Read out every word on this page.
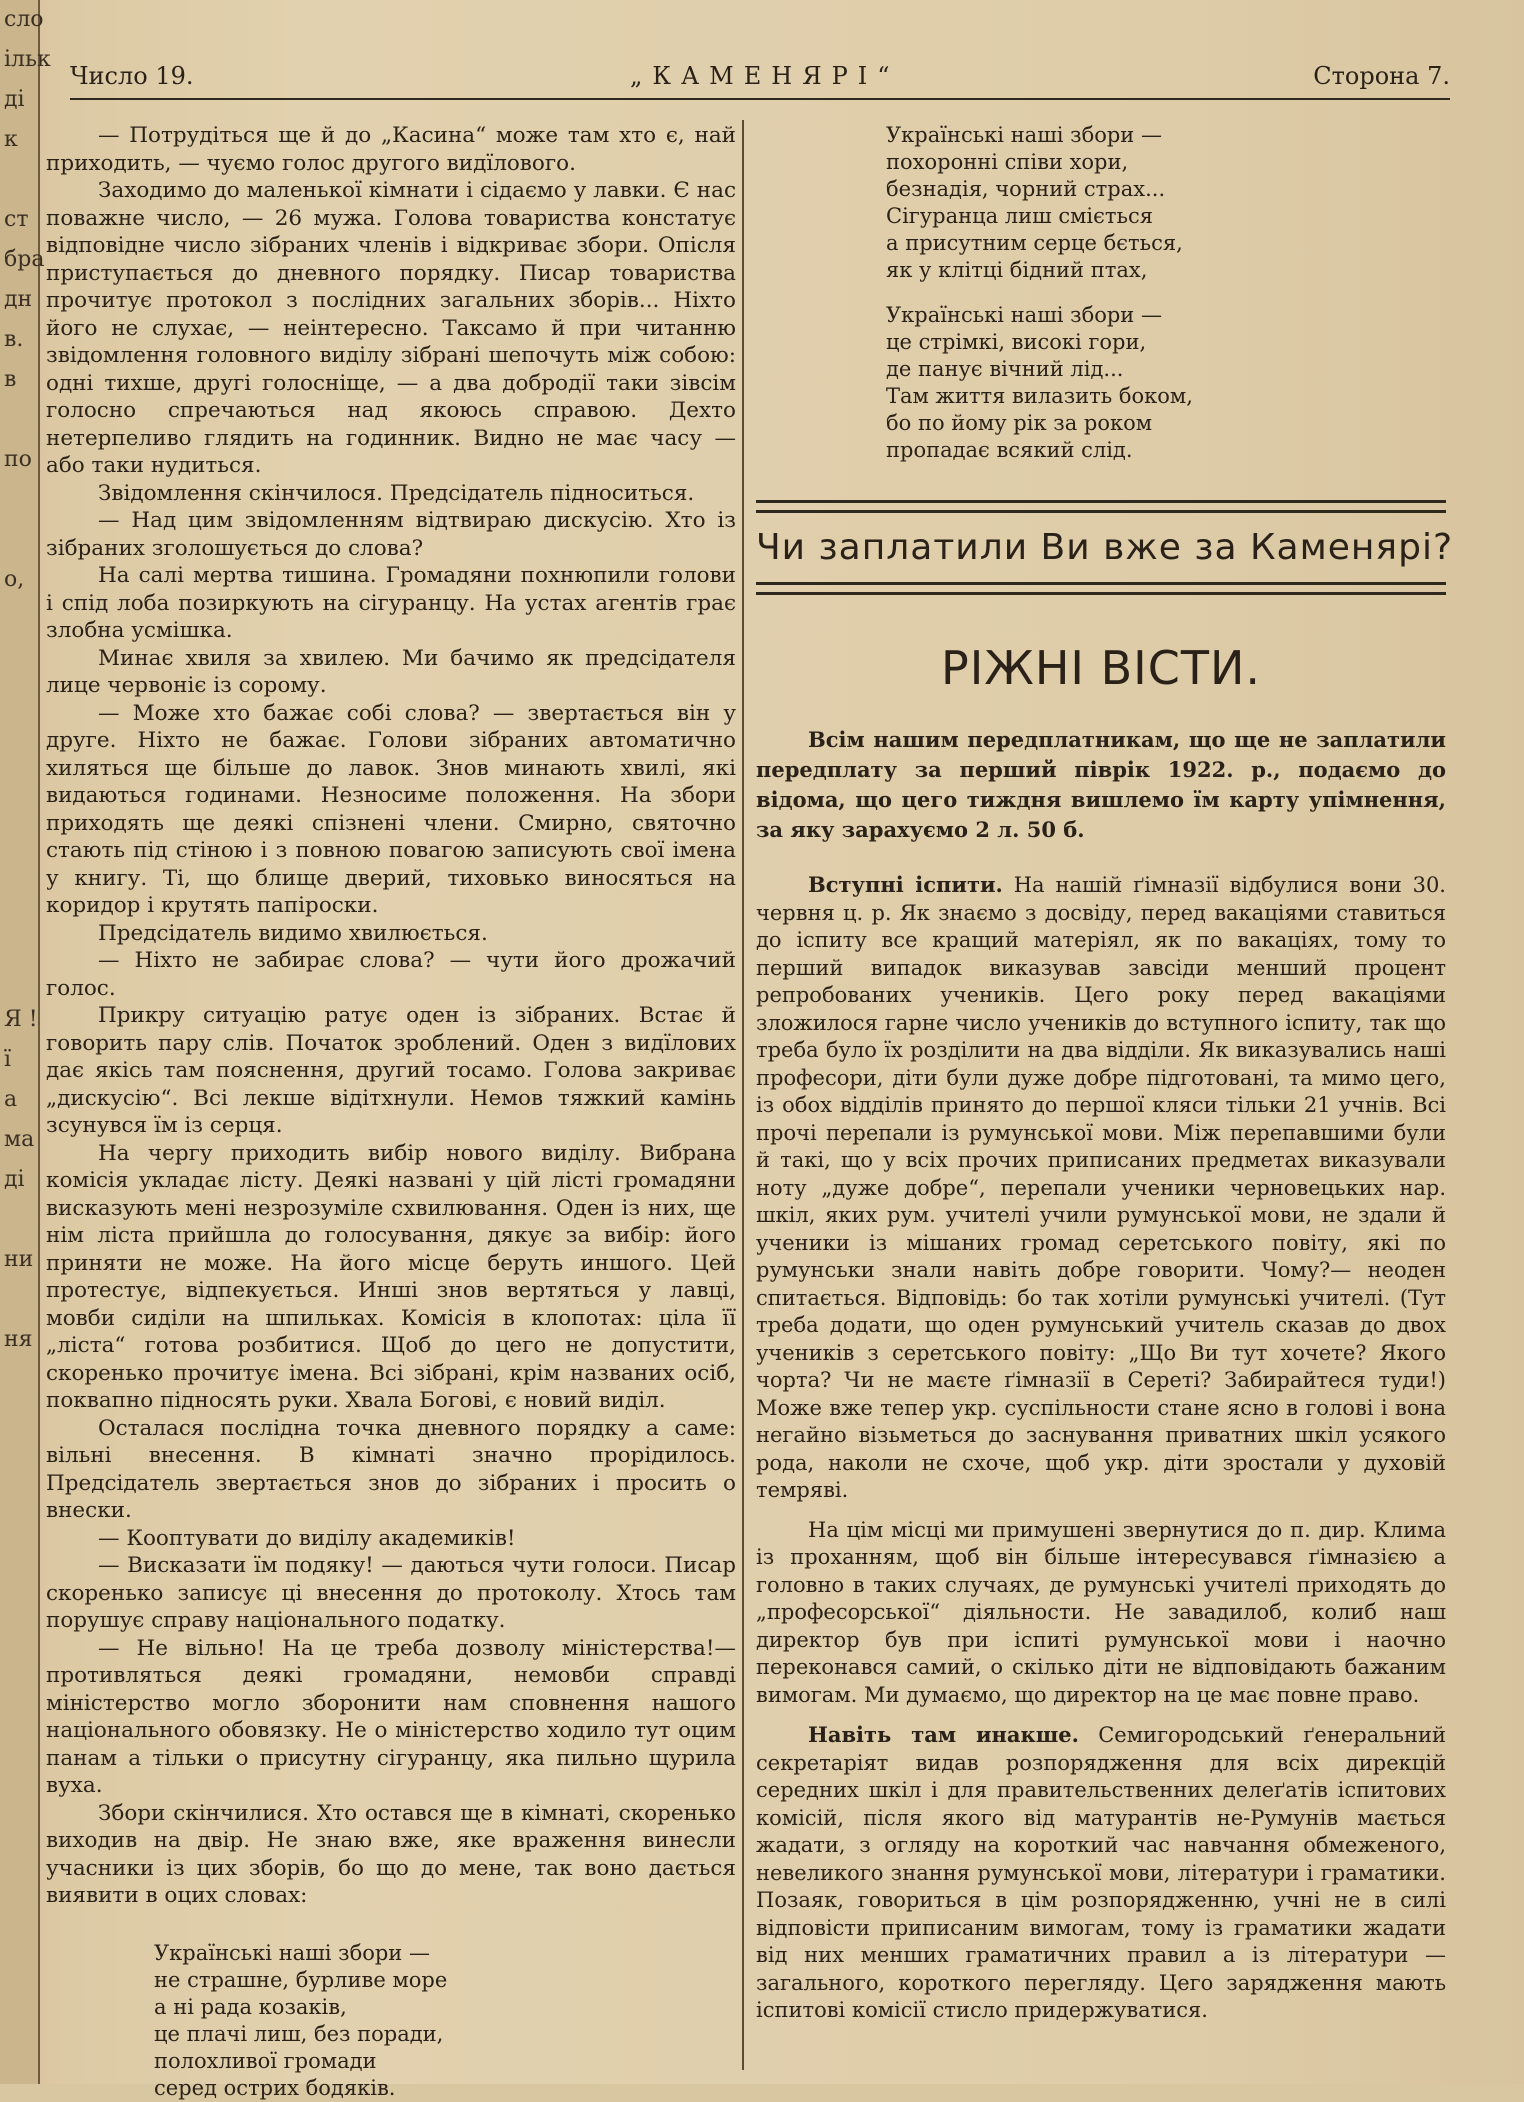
сло
ільк
ді к

ст
бра
дн
в. в

по

о,

Я !
ї
а
ма
ді

ни

ня
Число 19.	„КАМЕНЯРІ“	Сторона 7.

— Потрудіться ще й до „Касина“ може там хто є, най приходить, — чуємо голос другого видїлового.

Заходимо до маленької кімнати і сідаємо у лавки. Є нас поважне число, — 26 мужа. Голова товариства констатує відповідне число зібраних членів і відкриває збори. Опісля приступається до дневного порядку. Писар товариства прочитує протокол з послідних загальних зборів... Ніхто його не слухає, — неінтересно. Таксамо й при читанню звідомлення головного виділу зібрані шепочуть між собою: одні тихше, другі голосніще, — а два добродії таки зівсім голосно спречаються над якоюсь справою. Дехто нетерпеливо глядить на годинник. Видно не має часу — або таки нудиться.

Звідомлення скінчилося. Предсідатель підноситься.

— Над цим звідомленням відтвираю дискусію. Хто із зібраних зголошується до слова?

На салі мертва тишина. Громадяни похнюпили голови і спід лоба позиркують на сігуранцу. На устах агентів грає злобна усмішка.

Минає хвиля за хвилею. Ми бачимо як предсідателя лице червоніє із сорому.

— Може хто бажає собі слова? — звертається він у друге. Ніхто не бажає. Голови зібраних автоматично хиляться ще більше до лавок. Знов минають хвилі, які видаються годинами. Незносиме положення. На збори приходять ще деякі спізнені члени. Смирно, святочно стають під стіною і з повною повагою записують свої імена у книгу. Ті, що блище дверий, тиховько виносяться на коридор і крутять папіроски.

Предсідатель видимо хвилюється.

— Ніхто не забирає слова? — чути його дрожачий голос.

Прикру ситуацію ратує оден із зібраних. Встає й говорить пару слів. Початок зроблений. Оден з видїлових дає якісь там пояснення, другий тосамо. Голова закриває „дискусію“. Всі лекше відітхнули. Немов тяжкий камінь зсунувся їм із серця.

На чергу приходить вибір нового виділу. Вибрана комісія укладає лісту. Деякі названі у цій лісті громадяни висказують мені незрозуміле схвилювання. Оден із них, ще нім ліста прийшла до голосування, дякує за вибір: його приняти не може. На його місце беруть иншого. Цей протестує, відпекується. Инші знов вертяться у лавці, мовби сиділи на шпильках. Комісія в клопотах: ціла її „ліста“ готова розбитися. Щоб до цего не допустити, скоренько прочитує імена. Всі зібрані, крім названих осіб, поквапно підносять руки. Хвала Богові, є новий виділ.

Осталася послідна точка дневного порядку а саме: вільні внесення. В кімнаті значно прорідилось. Предсідатель звертається знов до зібраних і просить о внески.

— Кооптувати до виділу академиків!

— Висказати їм подяку! — даються чути голоси. Писар скоренько записує ці внесення до протоколу. Хтось там порушує справу національного податку.

— Не вільно! На це треба дозволу міністерства!— противляться деякі громадяни, немовби справді міністерство могло зборонити нам сповнення нашого національного обовязку. Не о міністерство ходило тут оцим панам а тільки о присутну сігуранцу, яка пильно щурила вуха.

Збори скінчилися. Хто остався ще в кімнаті, скоренько виходив на двір. Не знаю вже, яке враження винесли учасники із цих зборів, бо що до мене, так воно дається виявити в оцих словах:

Українські наші збори —
не страшне, бурливе море
а ні рада козаків,
це плачі лиш, без поради,
полохливої громади
серед острих бодяків.
Українські наші збори —
похоронні співи хори,
безнадія, чорний страх...
Сігуранца лиш сміється
а присутним серце бється,
як у клітці бідний птах,
Українські наші збори —
це стрімкі, високі гори,
де панує вічний лід...
Там життя вилазить боком,
бо по йому рік за роком
пропадає всякий слід.
Чи заплатили Ви вже за Каменярі?
РІЖНІ ВІСТИ.

Всім нашим передплатникам, що ще не заплатили передплату за перший піврік 1922. р., подаємо до відома, що цего тиждня вишлемо їм карту упімнення, за яку зарахуємо 2 л. 50 б.

Вступні іспити. На нашій ґімназії відбулися вони 30. червня ц. р. Як знаємо з досвіду, перед вакаціями ставиться до іспиту все кращий матеріял, як по вакаціях, тому то перший випадок виказував завсіди менший процент репробованих учеників. Цего року перед вакаціями зложилося гарне число учеників до вступного іспиту, так що треба було їх розділити на два відділи. Як виказувались наші професори, діти були дуже добре підготовані, та мимо цего, із обох відділів принято до першої кляси тільки 21 учнів. Всі прочі перепали із румунської мови. Між перепавшими були й такі, що у всіх прочих приписаних предметах виказували ноту „дуже добре“, перепали ученики черновецьких нар. шкіл, яких рум. учителі учили румунської мови, не здали й ученики із мішаних громад серетського повіту, які по румунськи знали навіть добре говорити. Чому?— неоден спитається. Відповідь: бо так хотіли румунські учителі. (Тут треба додати, що оден румунський учитель сказав до двох учеників з серетського повіту: „Що Ви тут хочете? Якого чорта? Чи не маєте ґімназії в Сереті? Забирайтеся туди!) Може вже тепер укр. суспільности стане ясно в голові і вона негайно візьметься до заснування приватних шкіл усякого рода, наколи не схоче, щоб укр. діти зростали у духовій темряві.

На цім місці ми примушені звернутися до п. дир. Клима із проханням, щоб він більше інтересувався ґімназією а головно в таких случаях, де румунські учителі приходять до „професорської“ діяльности. Не завадилоб, колиб наш директор був при іспиті румунської мови і наочно переконався самий, о скілько діти не відповідають бажаним вимогам. Ми думаємо, що директор на це має повне право.

Навіть там инакше. Семигородський ґенеральний секретаріят видав розпорядження для всіх дирекцій середних шкіл і для правительственних делеґатів іспитових комісій, після якого від матурантів не-Румунів мається жадати, з огляду на короткий час навчання обмеженого, невеликого знання румунської мови, літератури і граматики. Позаяк, говориться в цім розпорядженню, учні не в силі відповісти приписаним вимогам, тому із граматики жадати від них менших граматичних правил а із літератури — загального, короткого перегляду. Цего зарядження мають іспитові комісії стисло придержуватися.
